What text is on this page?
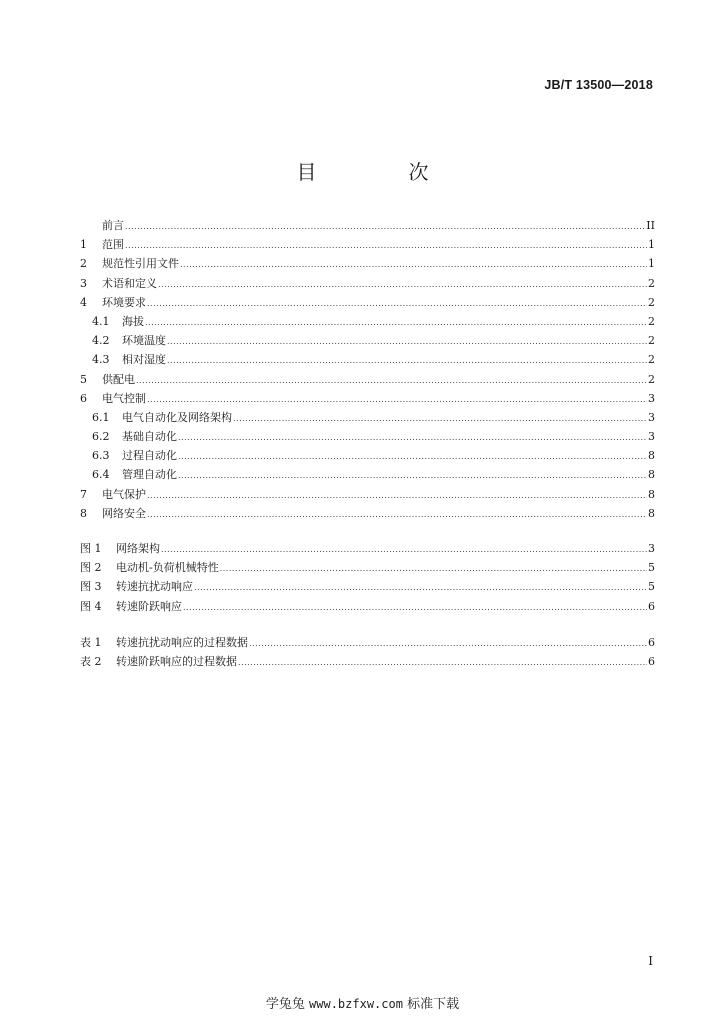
JB/T 13500—2018
目　次
前言 .....	II
1	范围 .....	1
2	规范性引用文件 .....	1
3	术语和定义 .....	2
4	环境要求 .....	2
4.1	海拔 .....	2
4.2	环境温度 .....	2
4.3	相对湿度 .....	2
5	供配电 .....	2
6	电气控制 .....	3
6.1	电气自动化及网络架构 .....	3
6.2	基础自动化 .....	3
6.3	过程自动化 .....	8
6.4	管理自动化 .....	8
7	电气保护 .....	8
8	网络安全 .....	8
图 1	网络架构 .....	3
图 2	电动机-负荷机械特性 .....	5
图 3	转速抗扰动响应 .....	5
图 4	转速阶跃响应 .....	6
表 1	转速抗扰动响应的过程数据 .....	6
表 2	转速阶跃响应的过程数据 .....	6
I
学兔兔 www.bzfxw.com 标准下载
